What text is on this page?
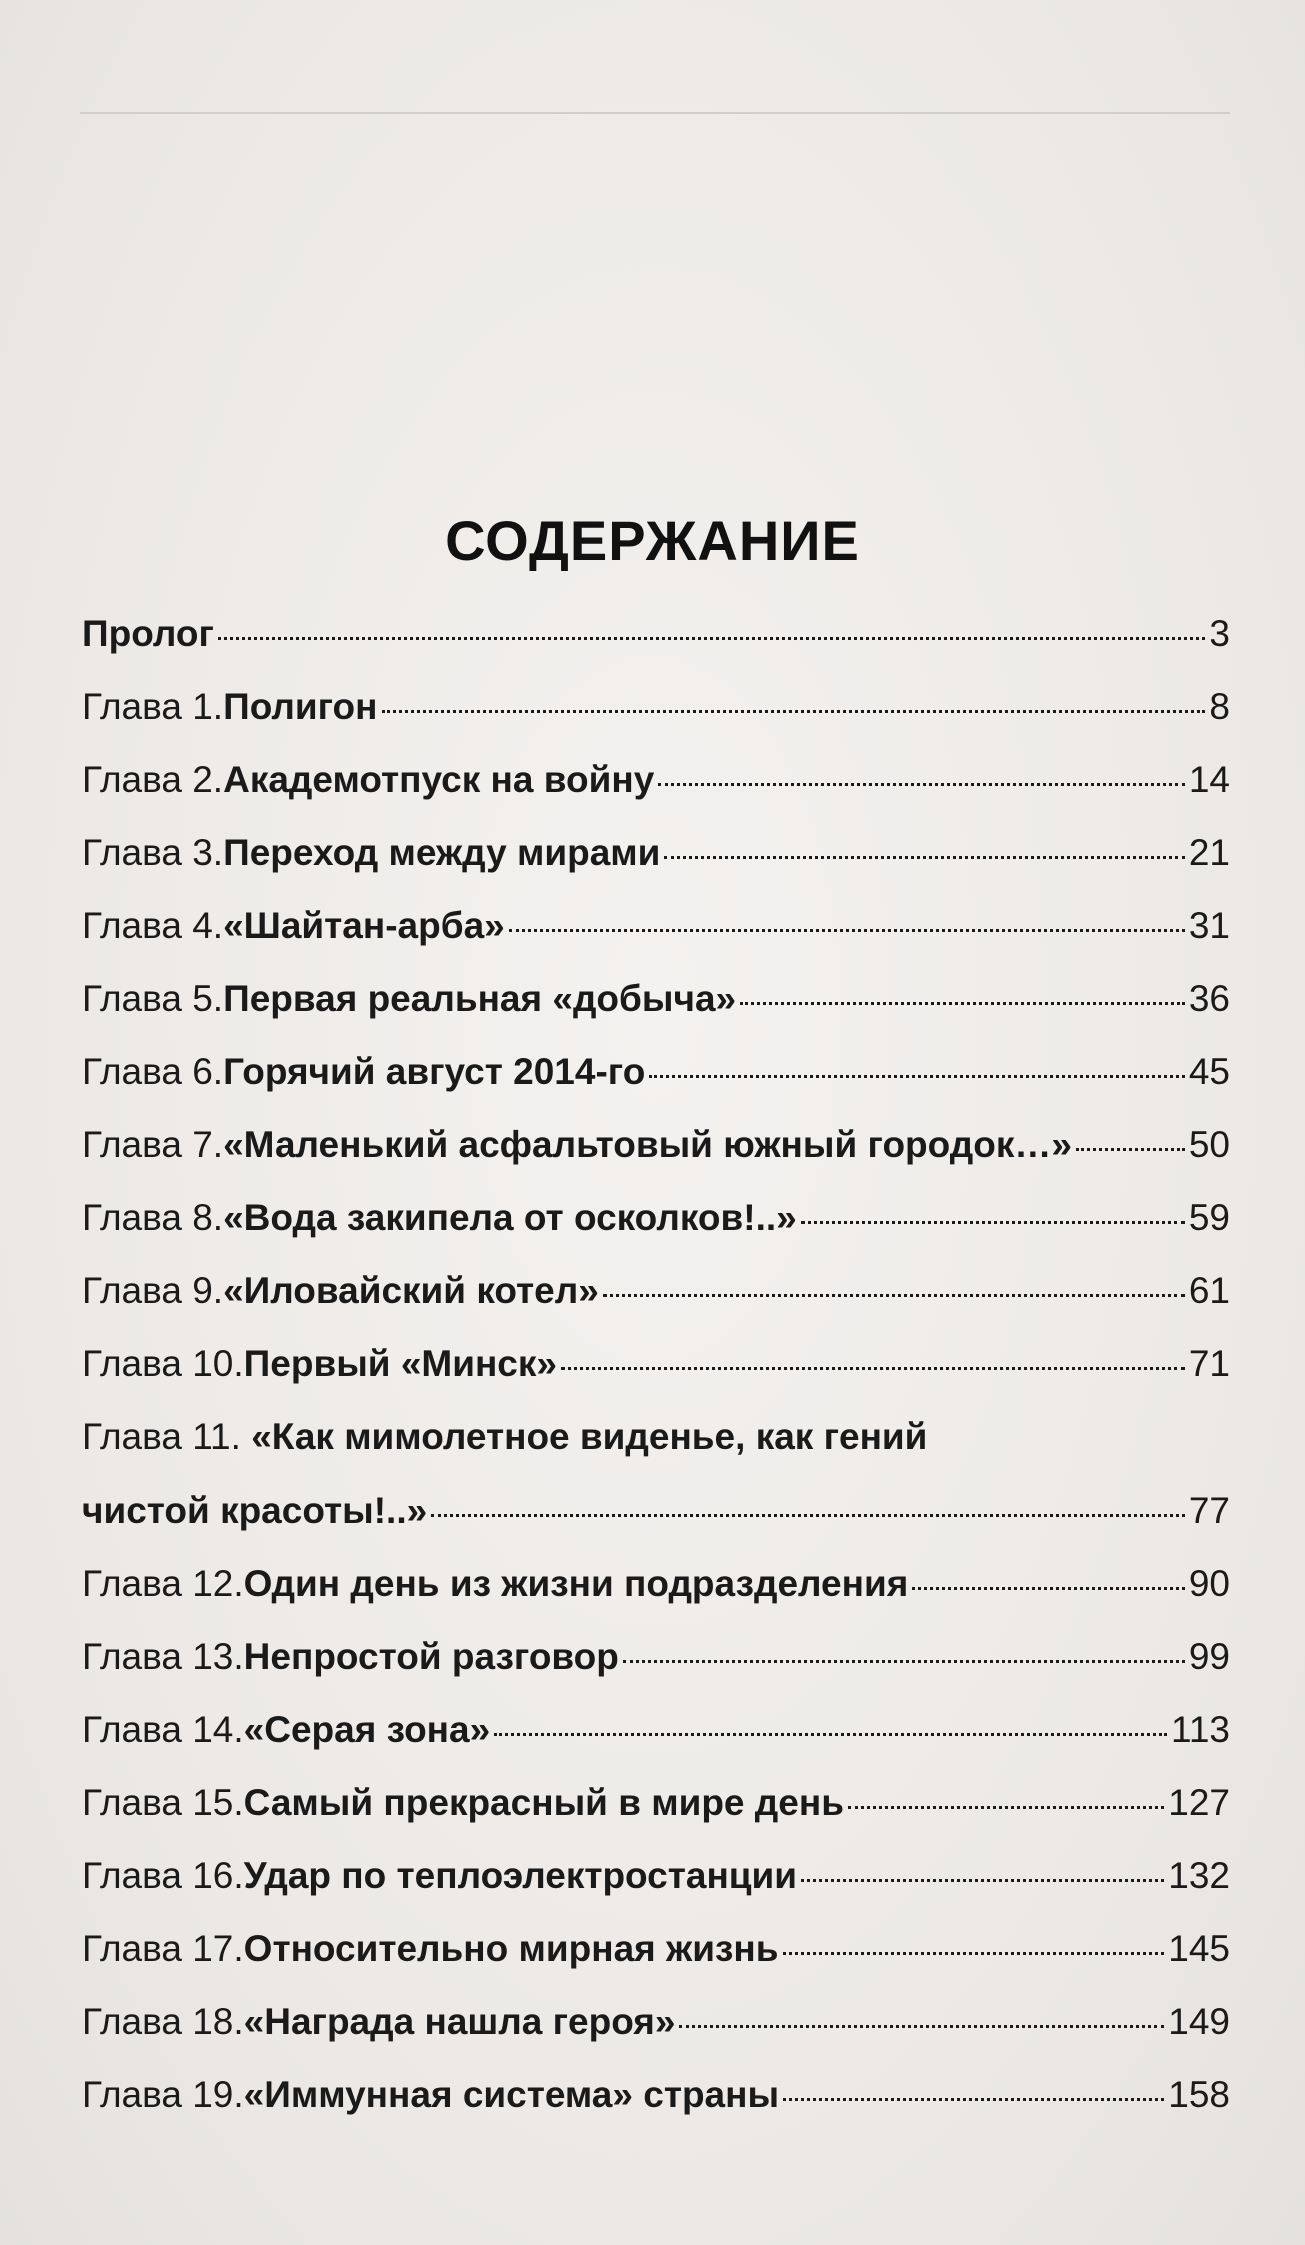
СОДЕРЖАНИЕ
Пролог	3
Глава 1. Полигон	8
Глава 2. Академотпуск на войну	14
Глава 3. Переход между мирами	21
Глава 4. «Шайтан-арба»	31
Глава 5. Первая реальная «добыча»	36
Глава 6. Горячий август 2014-го	45
Глава 7. «Маленький асфальтовый южный городок…»	50
Глава 8. «Вода закипела от осколков!..»	59
Глава 9. «Иловайский котел»	61
Глава 10. Первый «Минск»	71
Глава 11. «Как мимолетное виденье, как гений
чистой красоты!..»	77
Глава 12. Один день из жизни подразделения	90
Глава 13. Непростой разговор	99
Глава 14. «Серая зона»	113
Глава 15. Самый прекрасный в мире день	127
Глава 16. Удар по теплоэлектростанции	132
Глава 17. Относительно мирная жизнь	145
Глава 18. «Награда нашла героя»	149
Глава 19. «Иммунная система» страны	158
